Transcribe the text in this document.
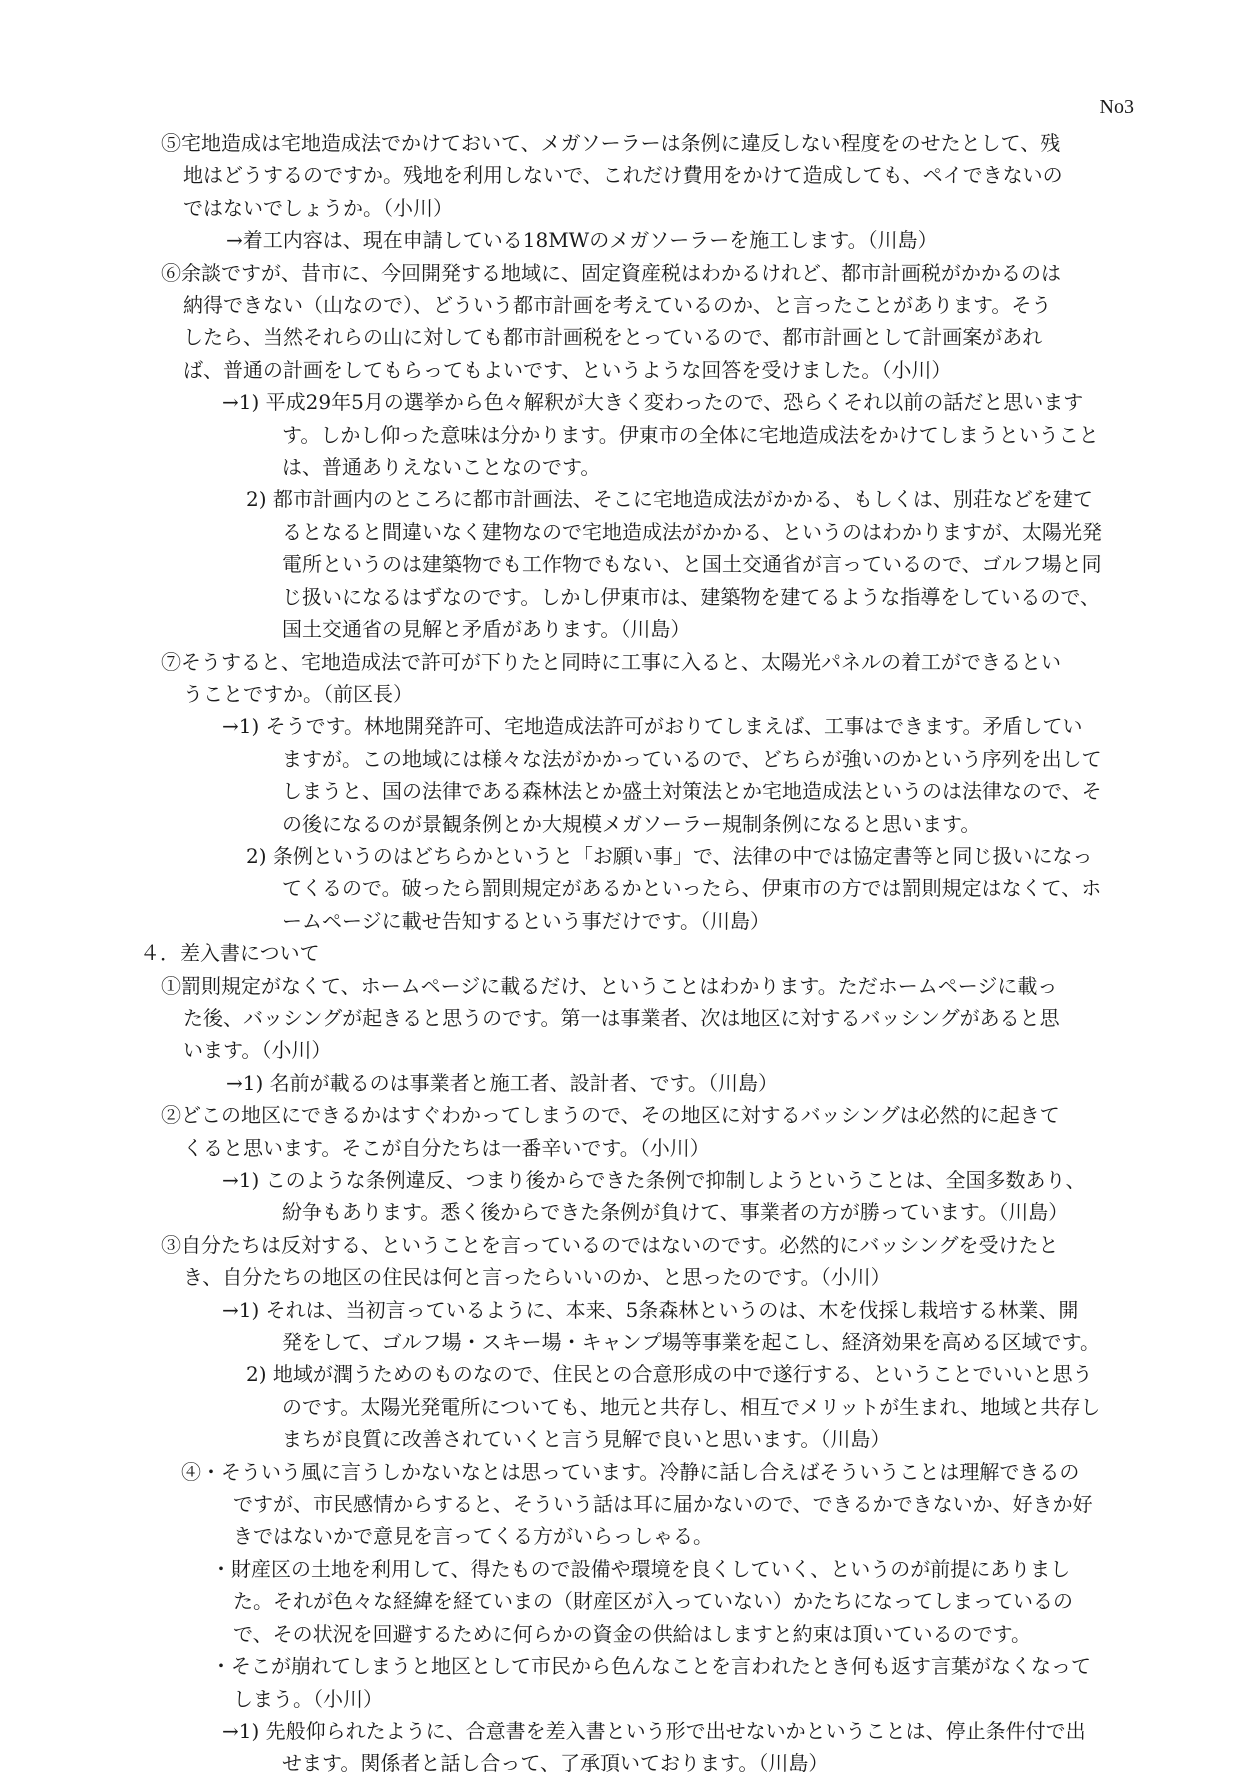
No3
⑤宅地造成は宅地造成法でかけておいて、メガソーラーは条例に違反しない程度をのせたとして、残
地はどうするのですか。残地を利用しないで、これだけ費用をかけて造成しても、ペイできないの
ではないでしょうか。（小川）
→着工内容は、現在申請している18MWのメガソーラーを施工します。（川島）
⑥余談ですが、昔市に、今回開発する地域に、固定資産税はわかるけれど、都市計画税がかかるのは
納得できない（山なので）、どういう都市計画を考えているのか、と言ったことがあります。そう
したら、当然それらの山に対しても都市計画税をとっているので、都市計画として計画案があれ
ば、普通の計画をしてもらってもよいです、というような回答を受けました。（小川）
→1) 平成29年5月の選挙から色々解釈が大きく変わったので、恐らくそれ以前の話だと思います
す。しかし仰った意味は分かります。伊東市の全体に宅地造成法をかけてしまうということ
は、普通ありえないことなのです。
2) 都市計画内のところに都市計画法、そこに宅地造成法がかかる、もしくは、別荘などを建て
るとなると間違いなく建物なので宅地造成法がかかる、というのはわかりますが、太陽光発
電所というのは建築物でも工作物でもない、と国土交通省が言っているので、ゴルフ場と同
じ扱いになるはずなのです。しかし伊東市は、建築物を建てるような指導をしているので、
国土交通省の見解と矛盾があります。（川島）
⑦そうすると、宅地造成法で許可が下りたと同時に工事に入ると、太陽光パネルの着工ができるとい
うことですか。（前区長）
→1) そうです。林地開発許可、宅地造成法許可がおりてしまえば、工事はできます。矛盾してい
ますが。この地域には様々な法がかかっているので、どちらが強いのかという序列を出して
しまうと、国の法律である森林法とか盛土対策法とか宅地造成法というのは法律なので、そ
の後になるのが景観条例とか大規模メガソーラー規制条例になると思います。
2) 条例というのはどちらかというと「お願い事」で、法律の中では協定書等と同じ扱いになっ
てくるので。破ったら罰則規定があるかといったら、伊東市の方では罰則規定はなくて、ホ
ームページに載せ告知するという事だけです。（川島）
４．差入書について
①罰則規定がなくて、ホームページに載るだけ、ということはわかります。ただホームページに載っ
た後、バッシングが起きると思うのです。第一は事業者、次は地区に対するバッシングがあると思
います。（小川）
→1) 名前が載るのは事業者と施工者、設計者、です。（川島）
②どこの地区にできるかはすぐわかってしまうので、その地区に対するバッシングは必然的に起きて
くると思います。そこが自分たちは一番辛いです。（小川）
→1) このような条例違反、つまり後からできた条例で抑制しようということは、全国多数あり、
紛争もあります。悉く後からできた条例が負けて、事業者の方が勝っています。（川島）
③自分たちは反対する、ということを言っているのではないのです。必然的にバッシングを受けたと
き、自分たちの地区の住民は何と言ったらいいのか、と思ったのです。（小川）
→1) それは、当初言っているように、本来、5条森林というのは、木を伐採し栽培する林業、開
発をして、ゴルフ場・スキー場・キャンプ場等事業を起こし、経済効果を高める区域です。
2) 地域が潤うためのものなので、住民との合意形成の中で遂行する、ということでいいと思う
のです。太陽光発電所についても、地元と共存し、相互でメリットが生まれ、地域と共存し
まちが良質に改善されていくと言う見解で良いと思います。（川島）
④・そういう風に言うしかないなとは思っています。冷静に話し合えばそういうことは理解できるの
ですが、市民感情からすると、そういう話は耳に届かないので、できるかできないか、好きか好
きではないかで意見を言ってくる方がいらっしゃる。
・財産区の土地を利用して、得たもので設備や環境を良くしていく、というのが前提にありまし
た。それが色々な経緯を経ていまの（財産区が入っていない）かたちになってしまっているの
で、その状況を回避するために何らかの資金の供給はしますと約束は頂いているのです。
・そこが崩れてしまうと地区として市民から色んなことを言われたとき何も返す言葉がなくなって
しまう。（小川）
→1) 先般仰られたように、合意書を差入書という形で出せないかということは、停止条件付で出
せます。関係者と話し合って、了承頂いております。（川島）
